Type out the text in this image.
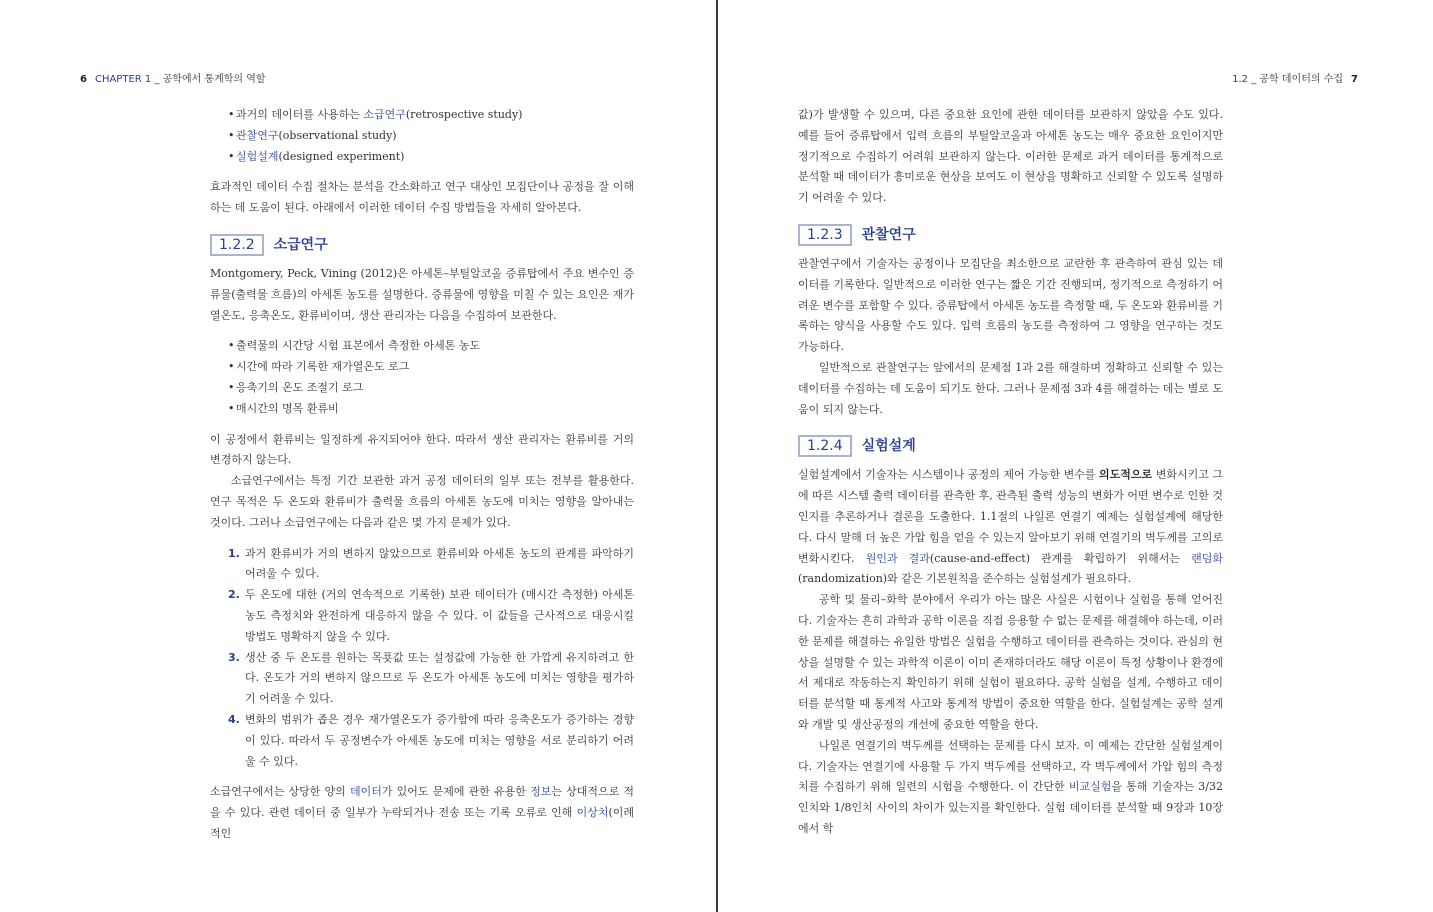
6 CHAPTER 1 _ 공학에서 통계학의 역할
• 과거의 데이터를 사용하는 소급연구(retrospective study)
• 관찰연구(observational study)
• 실험설계(designed experiment)

효과적인 데이터 수집 절차는 분석을 간소화하고 연구 대상인 모집단이나 공정을 잘 이해하는 데 도움이 된다. 아래에서 이러한 데이터 수집 방법들을 자세히 알아본다.

1.2.2	소급연구

Montgomery, Peck, Vining (2012)은 아세톤–부틸알코올 증류탑에서 주요 변수인 증류물(출력물 흐름)의 아세톤 농도를 설명한다. 증류물에 영향을 미칠 수 있는 요인은 재가열온도, 응축온도, 환류비이며, 생산 관리자는 다음을 수집하여 보관한다.

• 출력물의 시간당 시험 표본에서 측정한 아세톤 농도
• 시간에 따라 기록한 재가열온도 로그
• 응축기의 온도 조절기 로그
• 매시간의 명목 환류비

이 공정에서 환류비는 일정하게 유지되어야 한다. 따라서 생산 관리자는 환류비를 거의 변경하지 않는다.

소급연구에서는 특정 기간 보관한 과거 공정 데이터의 일부 또는 전부를 활용한다. 연구 목적은 두 온도와 환류비가 출력물 흐름의 아세톤 농도에 미치는 영향을 알아내는 것이다. 그러나 소급연구에는 다음과 같은 몇 가지 문제가 있다.

1. 과거 환류비가 거의 변하지 않았으므로 환류비와 아세톤 농도의 관계를 파악하기 어려울 수 있다.
2. 두 온도에 대한 (거의 연속적으로 기록한) 보관 데이터가 (매시간 측정한) 아세톤 농도 측정치와 완전하게 대응하지 않을 수 있다. 이 값들을 근사적으로 대응시킬 방법도 명확하지 않을 수 있다.
3. 생산 중 두 온도를 원하는 목푯값 또는 설정값에 가능한 한 가깝게 유지하려고 한다. 온도가 거의 변하지 않으므로 두 온도가 아세톤 농도에 미치는 영향을 평가하기 어려울 수 있다.
4. 변화의 범위가 좁은 경우 재가열온도가 증가함에 따라 응축온도가 증가하는 경향이 있다. 따라서 두 공정변수가 아세톤 농도에 미치는 영향을 서로 분리하기 어려울 수 있다.

소급연구에서는 상당한 양의 데이터가 있어도 문제에 관한 유용한 정보는 상대적으로 적을 수 있다. 관련 데이터 중 일부가 누락되거나 전송 또는 기록 오류로 인해 이상치(이례적인

1.2 _ 공학 데이터의 수집 7

값)가 발생할 수 있으며, 다른 중요한 요인에 관한 데이터를 보관하지 않았을 수도 있다. 예를 들어 증류탑에서 입력 흐름의 부틸알코올과 아세톤 농도는 매우 중요한 요인이지만 정기적으로 수집하기 어려워 보관하지 않는다. 이러한 문제로 과거 데이터를 통계적으로 분석할 때 데이터가 흥미로운 현상을 보여도 이 현상을 명확하고 신뢰할 수 있도록 설명하기 어려울 수 있다.

1.2.3	관찰연구

관찰연구에서 기술자는 공정이나 모집단을 최소한으로 교란한 후 관측하여 관심 있는 데이터를 기록한다. 일반적으로 이러한 연구는 짧은 기간 진행되며, 정기적으로 측정하기 어려운 변수를 포함할 수 있다. 증류탑에서 아세톤 농도를 측정할 때, 두 온도와 환류비를 기록하는 양식을 사용할 수도 있다. 입력 흐름의 농도를 측정하여 그 영향을 연구하는 것도 가능하다.

일반적으로 관찰연구는 앞에서의 문제점 1과 2를 해결하며 정확하고 신뢰할 수 있는 데이터를 수집하는 데 도움이 되기도 한다. 그러나 문제점 3과 4를 해결하는 데는 별로 도움이 되지 않는다.

1.2.4	실험설계

실험설계에서 기술자는 시스템이나 공정의 제어 가능한 변수를 의도적으로 변화시키고 그에 따른 시스템 출력 데이터를 관측한 후, 관측된 출력 성능의 변화가 어떤 변수로 인한 것인지를 추론하거나 결론을 도출한다. 1.1절의 나일론 연결기 예제는 실험설계에 해당한다. 다시 말해 더 높은 가압 힘을 얻을 수 있는지 알아보기 위해 연결기의 벽두께를 고의로 변화시킨다. 원인과 결과(cause-and-effect) 관계를 확립하기 위해서는 랜덤화(randomization)와 같은 기본원칙을 준수하는 실험설계가 필요하다.

공학 및 물리–화학 분야에서 우리가 아는 많은 사실은 시험이나 실험을 통해 얻어진다. 기술자는 흔히 과학과 공학 이론을 직접 응용할 수 없는 문제를 해결해야 하는데, 이러한 문제를 해결하는 유일한 방법은 실험을 수행하고 데이터를 관측하는 것이다. 관심의 현상을 설명할 수 있는 과학적 이론이 이미 존재하더라도 해당 이론이 특정 상황이나 환경에서 제대로 작동하는지 확인하기 위해 실험이 필요하다. 공학 실험을 설계, 수행하고 데이터를 분석할 때 통계적 사고와 통계적 방법이 중요한 역할을 한다. 실험설계는 공학 설계와 개발 및 생산공정의 개선에 중요한 역할을 한다.

나일론 연결기의 벽두께를 선택하는 문제를 다시 보자. 이 예제는 간단한 실험설계이다. 기술자는 연결기에 사용할 두 가지 벽두께를 선택하고, 각 벽두께에서 가압 힘의 측정치를 수집하기 위해 일련의 시험을 수행한다. 이 간단한 비교실험을 통해 기술자는 3/32인치와 1/8인치 사이의 차이가 있는지를 확인한다. 실험 데이터를 분석할 때 9장과 10장에서 학
